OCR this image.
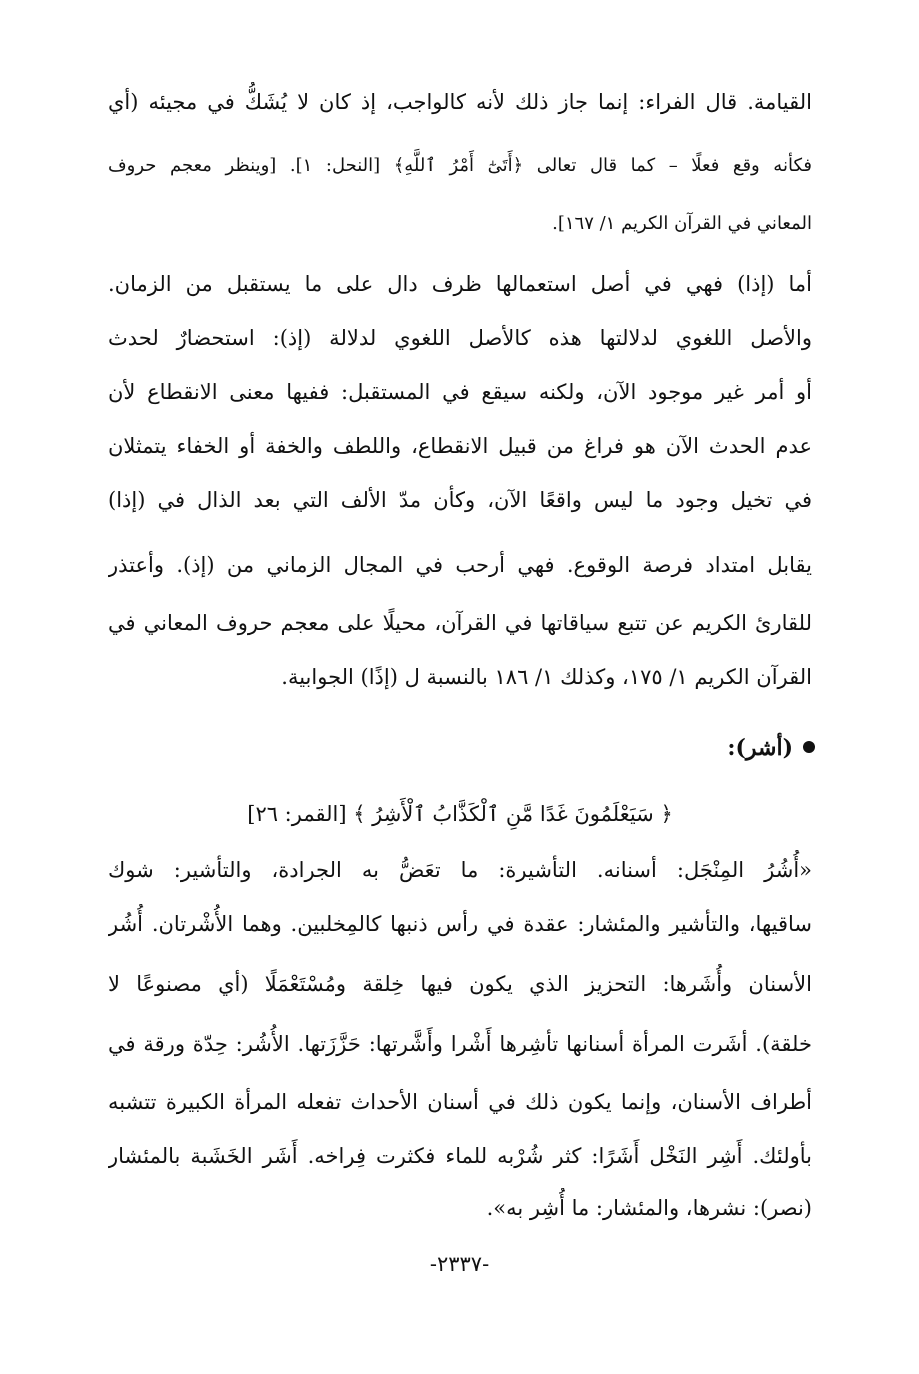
القيامة. قال الفراء: إنما جاز ذلك لأنه كالواجب، إذ كان لا يُشَكُّ في مجيئه (أي
فكأنه وقع فعلًا – كما قال تعالى ﴿أَتَىٰٓ أَمْرُ ٱللَّهِ﴾ [النحل: ١]. [وينظر معجم حروف
المعاني في القرآن الكريم ١/ ١٦٧].
أما (إذا) فهي في أصل استعمالها ظرف دال على ما يستقبل من الزمان.
والأصل اللغوي لدلالتها هذه كالأصل اللغوي لدلالة (إذ): استحضارٌ لحدث
أو أمر غير موجود الآن، ولكنه سيقع في المستقبل: ففيها معنى الانقطاع لأن
عدم الحدث الآن هو فراغ من قبيل الانقطاع، واللطف والخفة أو الخفاء يتمثلان
في تخيل وجود ما ليس واقعًا الآن، وكأن مدّ الألف التي بعد الذال في (إذا)
يقابل امتداد فرصة الوقوع. فهي أرحب في المجال الزماني من (إذ). وأعتذر
للقارئ الكريم عن تتبع سياقاتها في القرآن، محيلًا على معجم حروف المعاني في
القرآن الكريم ١/ ١٧٥، وكذلك ١/ ١٨٦ بالنسبة ل (إذًا) الجوابية.
(أشر):
﴿ سَيَعْلَمُونَ غَدًا مَّنِ ٱلْكَذَّابُ ٱلْأَشِرُ ﴾ [القمر: ٢٦]
«أُشُرُ المِنْجَل: أسنانه. التأشيرة: ما تعَضُّ به الجرادة، والتأشير: شوك
ساقيها، والتأشير والمئشار: عقدة في رأس ذنبها كالمِخلبين. وهما الأُشْرتان. أُشُر
الأسنان وأُشَرها: التحزيز الذي يكون فيها خِلقة ومُسْتَعْمَلًا (أي مصنوعًا لا
خلقة). أشَرت المرأة أسنانها تأشِرها أَشْرا وأَشَّرتها: حَزَّزَتها. الأُشُر: حِدّة ورقة في
أطراف الأسنان، وإنما يكون ذلك في أسنان الأحداث تفعله المرأة الكبيرة تتشبه
بأولئك. أَشِر النَخْل أَشَرًا: كثر شُرْبه للماء فكثرت فِراخه. أَشَر الخَشَبة بالمئشار
(نصر): نشرها، والمئشار: ما أُشِر به».
-٢٣٣٧-
